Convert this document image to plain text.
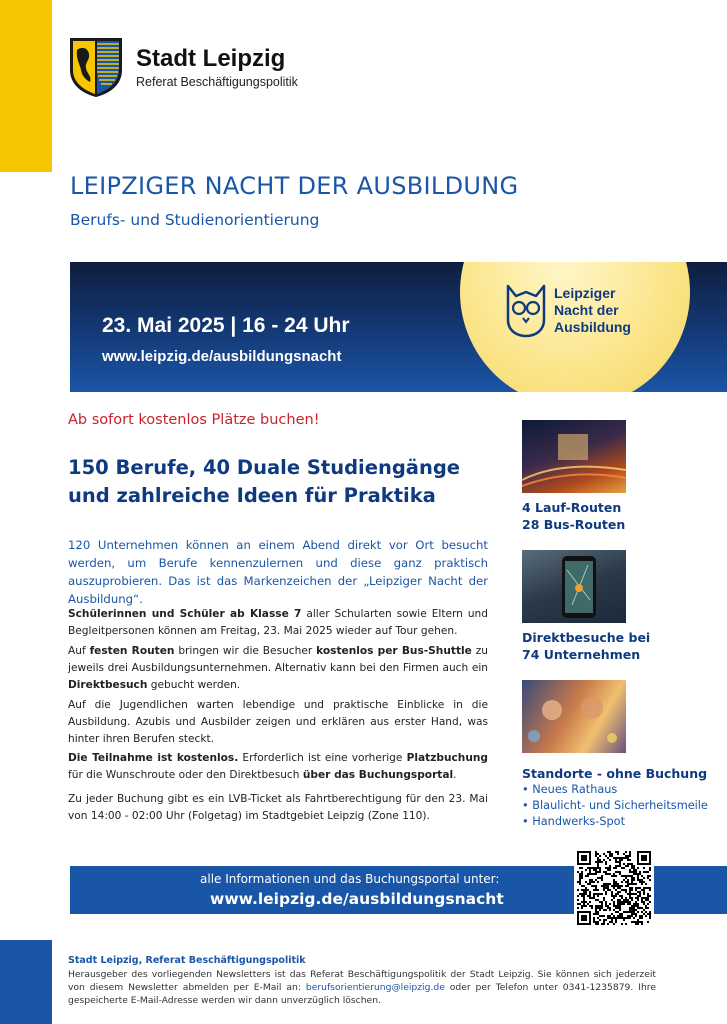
Stadt Leipzig
Referat Beschäftigungspolitik
LEIPZIGER NACHT DER AUSBILDUNG
Berufs- und Studienorientierung
23. Mai 2025 | 16 - 24 Uhr
www.leipzig.de/ausbildungsnacht
Leipziger
Nacht der
Ausbildung
Ab sofort kostenlos Plätze buchen!
150 Berufe, 40 Duale Studiengänge und zahlreiche Ideen für Praktika
120 Unternehmen können an einem Abend direkt vor Ort besucht werden, um Berufe kennenzulernen und diese ganz praktisch auszuprobieren. Das ist das Markenzeichen der „Leipziger Nacht der Ausbildung“.
Schülerinnen und Schüler ab Klasse 7 aller Schularten sowie Eltern und Begleitpersonen können am Freitag, 23. Mai 2025 wieder auf Tour gehen.
Auf festen Routen bringen wir die Besucher kostenlos per Bus-Shuttle zu jeweils drei Ausbildungsunternehmen. Alternativ kann bei den Firmen auch ein Direktbesuch gebucht werden.
Auf die Jugendlichen warten lebendige und praktische Einblicke in die Ausbildung. Azubis und Ausbilder zeigen und erklären aus erster Hand, was hinter ihren Berufen steckt.
Die Teilnahme ist kostenlos. Erforderlich ist eine vorherige Platzbuchung für die Wunschroute oder den Direktbesuch über das Buchungsportal.
Zu jeder Buchung gibt es ein LVB-Ticket als Fahrtberechtigung für den 23. Mai von 14:00 - 02:00 Uhr (Folgetag) im Stadtgebiet Leipzig (Zone 110).
4 Lauf-Routen
28 Bus-Routen
Direktbesuche bei
74 Unternehmen
Standorte - ohne Buchung
• Neues Rathaus
• Blaulicht- und Sicherheitsmeile
• Handwerks-Spot
alle Informationen und das Buchungsportal unter:
www.leipzig.de/ausbildungsnacht
Stadt Leipzig, Referat Beschäftigungspolitik
Herausgeber des vorliegenden Newsletters ist das Referat Beschäftigungspolitik der Stadt Leipzig. Sie können sich jederzeit von diesem Newsletter abmelden per E-Mail an: berufsorientierung@leipzig.de oder per Telefon unter 0341-1235879. Ihre gespeicherte E-Mail-Adresse werden wir dann unverzüglich löschen.
